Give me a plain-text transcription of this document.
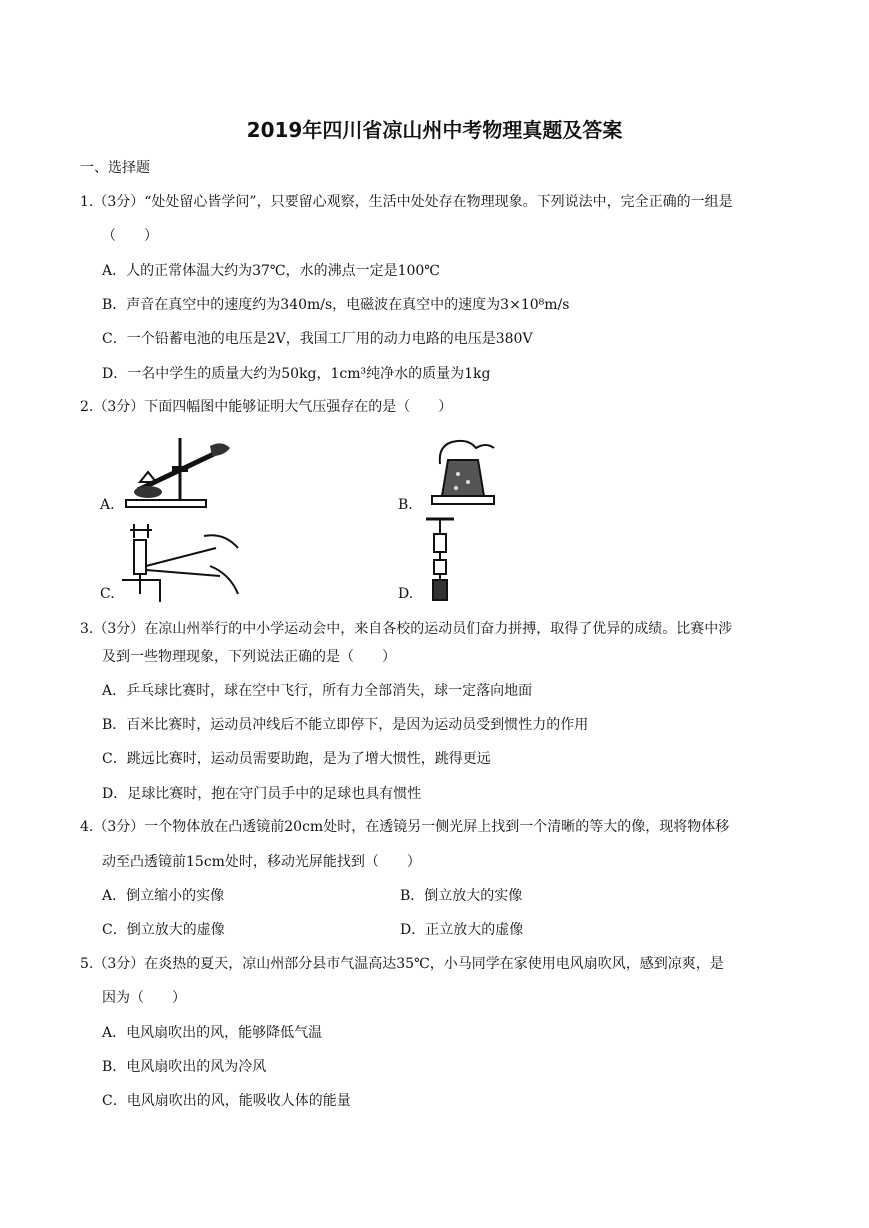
2019年四川省凉山州中考物理真题及答案
一、选择题
1.（3分）“处处留心皆学问”，只要留心观察，生活中处处存在物理现象。下列说法中，完全正确的一组是
（　　）
A．人的正常体温大约为37℃，水的沸点一定是100℃
B．声音在真空中的速度约为340m/s，电磁波在真空中的速度为3×10⁸m/s
C．一个铅蓄电池的电压是2V，我国工厂用的动力电路的电压是380V
D．一名中学生的质量大约为50kg，1cm³纯净水的质量为1kg
2.（3分）下面四幅图中能够证明大气压强存在的是（　　）
A.	B.
C.	D.
3.（3分）在凉山州举行的中小学运动会中，来自各校的运动员们奋力拼搏，取得了优异的成绩。比赛中涉
及到一些物理现象，下列说法正确的是（　　）
A．乒乓球比赛时，球在空中飞行，所有力全部消失，球一定落向地面
B．百米比赛时，运动员冲线后不能立即停下，是因为运动员受到惯性力的作用
C．跳远比赛时，运动员需要助跑，是为了增大惯性，跳得更远
D．足球比赛时，抱在守门员手中的足球也具有惯性
4.（3分）一个物体放在凸透镜前20cm处时，在透镜另一侧光屏上找到一个清晰的等大的像，现将物体移
动至凸透镜前15cm处时，移动光屏能找到（　　）
A．倒立缩小的实像	B．倒立放大的实像
C．倒立放大的虚像	D．正立放大的虚像
5.（3分）在炎热的夏天，凉山州部分县市气温高达35℃，小马同学在家使用电风扇吹风，感到凉爽，是
因为（　　）
A．电风扇吹出的风，能够降低气温
B．电风扇吹出的风为冷风
C．电风扇吹出的风，能吸收人体的能量
